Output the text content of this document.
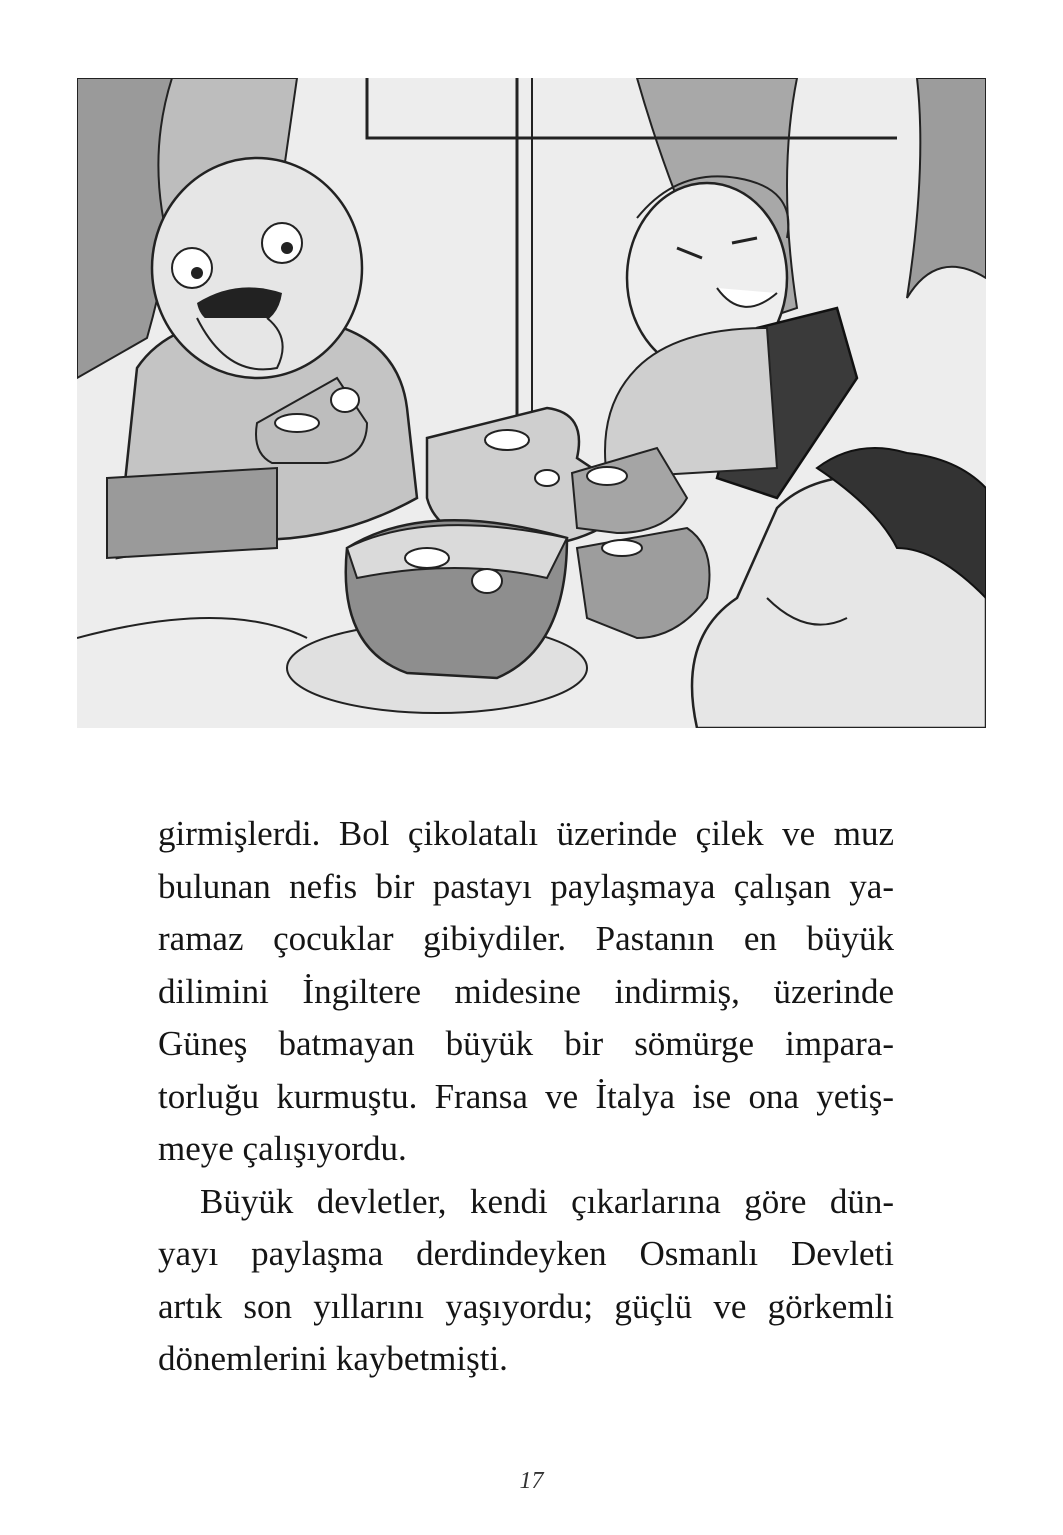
girmişlerdi. Bol çikolatalı üzerinde çilek ve muz
bulunan nefis bir pastayı paylaşmaya çalışan ya-
ramaz çocuklar gibiydiler. Pastanın en büyük
dilimini İngiltere midesine indirmiş, üzerinde
Güneş batmayan büyük bir sömürge impara-
torluğu kurmuştu. Fransa ve İtalya ise ona yetiş-
meye çalışıyordu.
Büyük devletler, kendi çıkarlarına göre dün-
yayı paylaşma derdindeyken Osmanlı Devleti
artık son yıllarını yaşıyordu; güçlü ve görkemli
dönemlerini kaybetmişti.
17
